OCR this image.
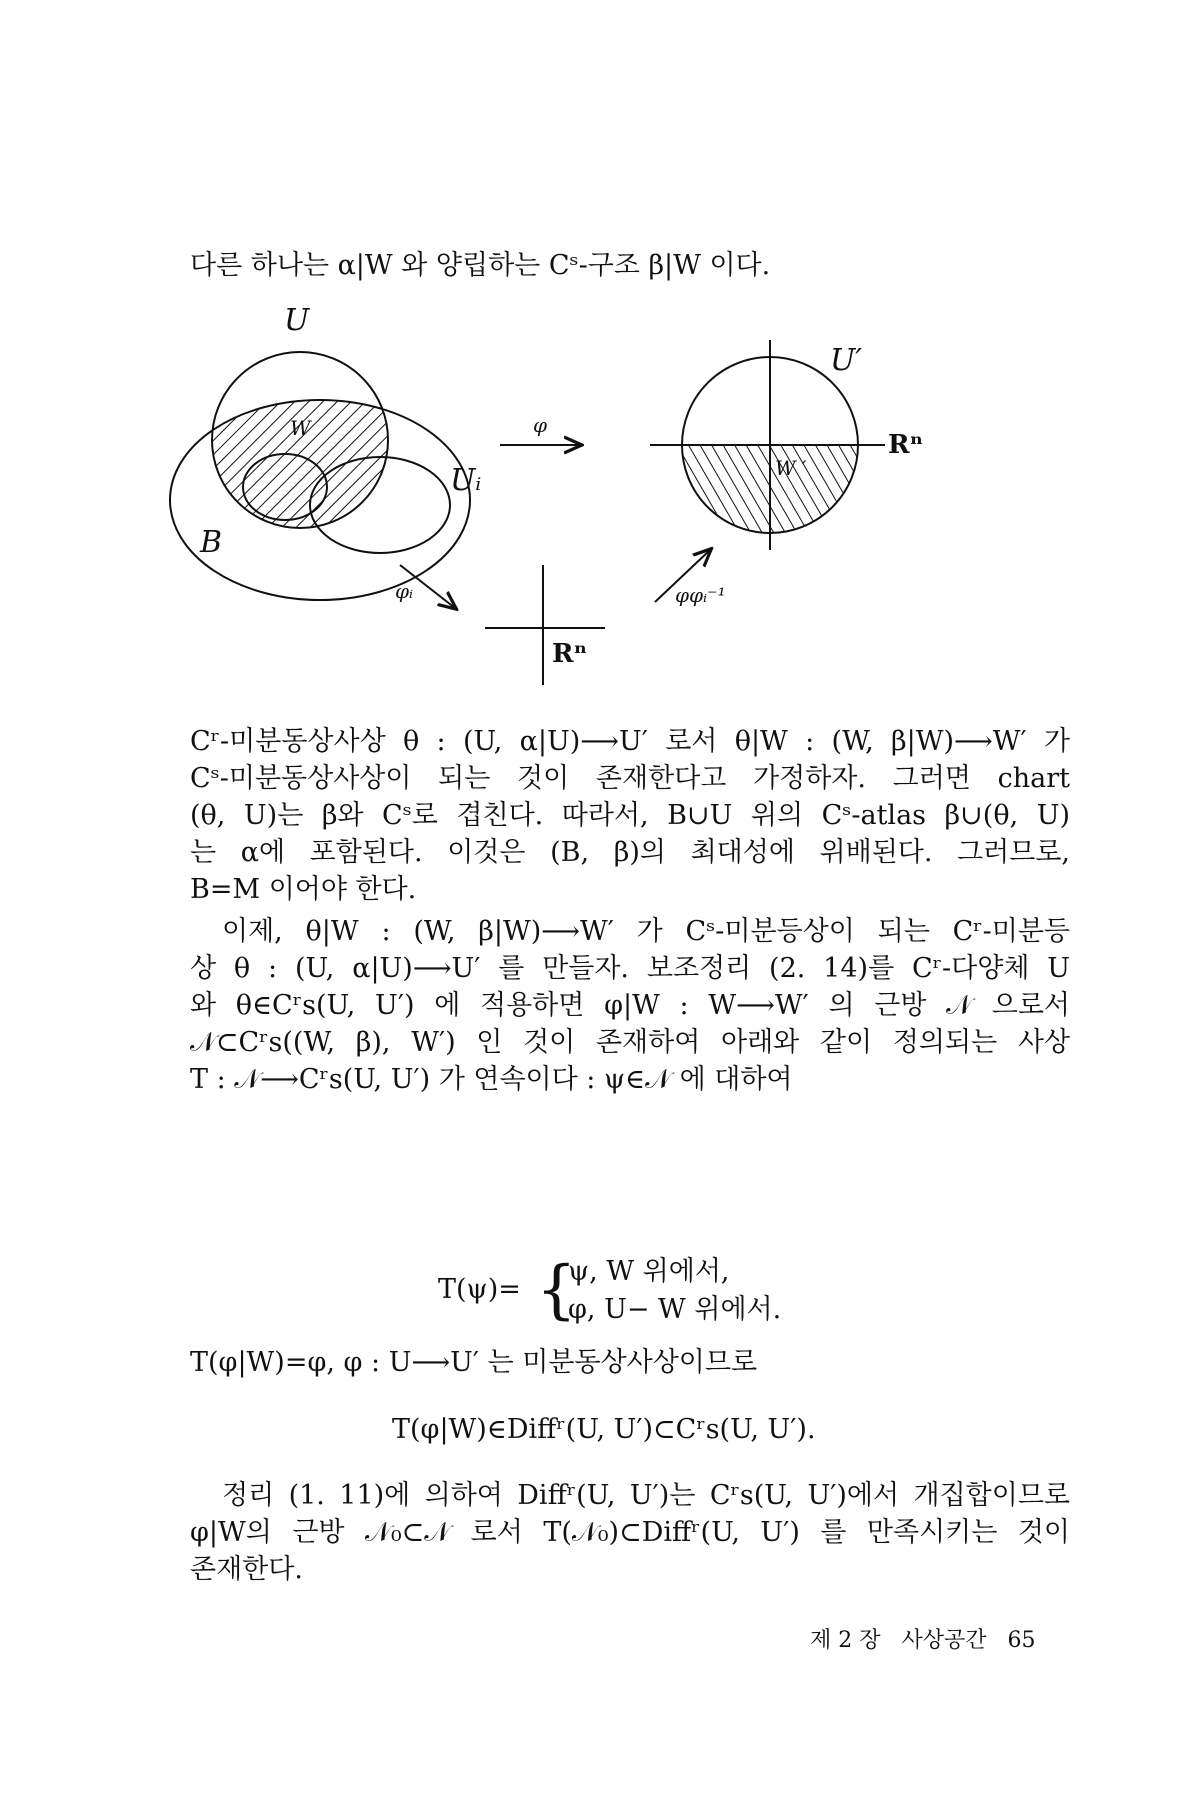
다른 하나는 α|W 와 양립하는 Cˢ-구조 β|W 이다.
U
W
Uᵢ
B
φ
U′
W ′
Rⁿ
φᵢ
Rⁿ
φφᵢ⁻¹
Cʳ-미분동상사상 θ : (U, α|U)⟶U′ 로서 θ|W : (W, β|W)⟶W′ 가
Cˢ-미분동상사상이 되는 것이 존재한다고 가정하자. 그러면 chart
(θ, U)는 β와 Cˢ로 겹친다. 따라서, B∪U 위의 Cˢ-atlas β∪(θ, U)
는 α에 포함된다. 이것은 (B, β)의 최대성에 위배된다. 그러므로,
B=M 이어야 한다.
이제, θ|W : (W, β|W)⟶W′ 가 Cˢ-미분등상이 되는 Cʳ-미분등
상 θ : (U, α|U)⟶U′ 를 만들자. 보조정리 (2. 14)를 Cʳ-다양체 U
와 θ∈Cʳs(U, U′) 에 적용하면 φ|W : W⟶W′ 의 근방 𝒩 으로서
𝒩⊂Cʳs((W, β), W′) 인 것이 존재하여 아래와 같이 정의되는 사상
T : 𝒩⟶Cʳs(U, U′) 가 연속이다 : ψ∈𝒩 에 대하여
T(ψ)= {
ψ, W 위에서,
φ, U− W 위에서.
T(φ|W)=φ, φ : U⟶U′ 는 미분동상사상이므로
T(φ|W)∈Diffʳ(U, U′)⊂Cʳs(U, U′).
정리 (1. 11)에 의하여 Diffʳ(U, U′)는 Cʳs(U, U′)에서 개집합이므로
φ|W의 근방 𝒩₀⊂𝒩 로서 T(𝒩₀)⊂Diffʳ(U, U′) 를 만족시키는 것이
존재한다.
제 2 장 사상공간 65
